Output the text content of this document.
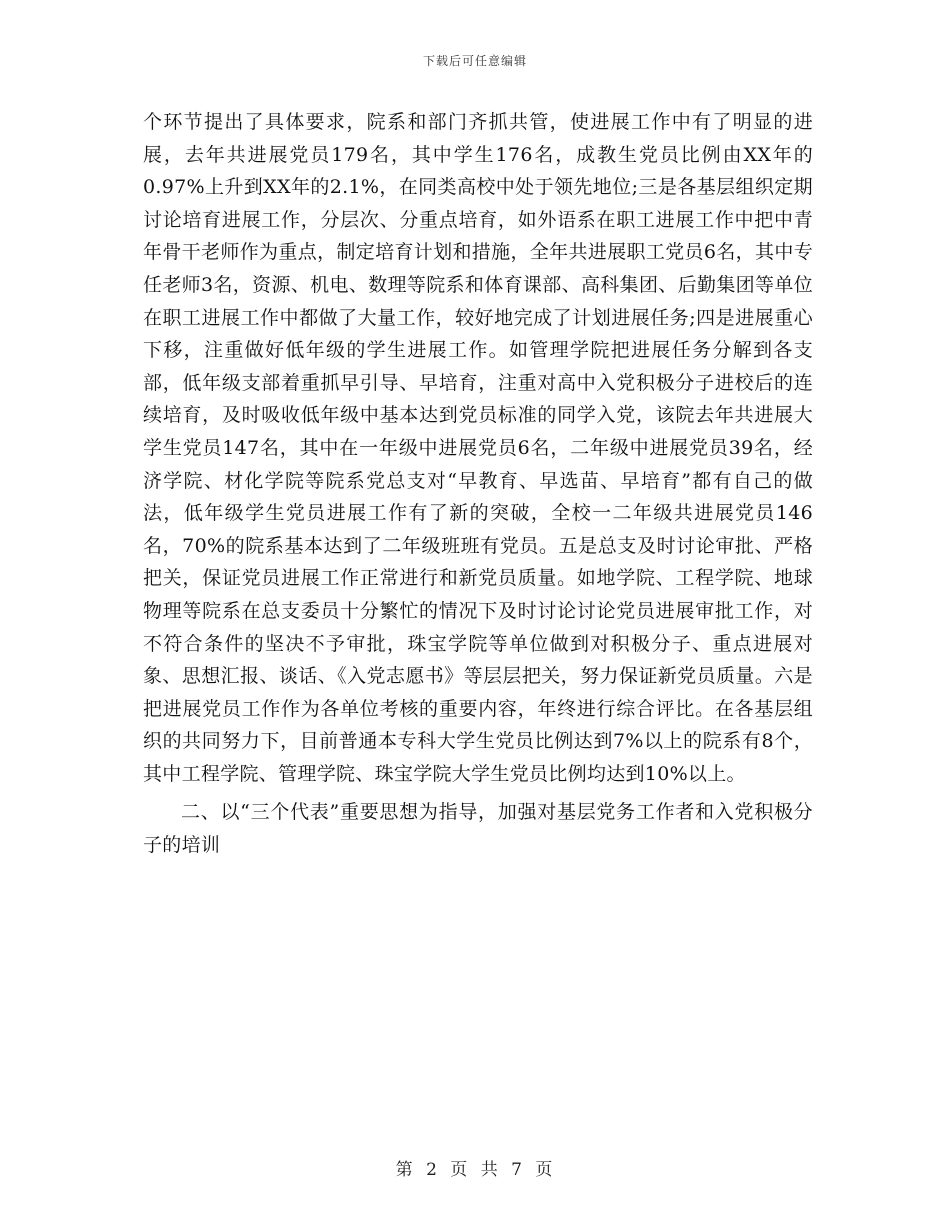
下载后可任意编辑

个环节提出了具体要求，院系和部门齐抓共管，使进展工作中有了明显的进展，去年共进展党员179名，其中学生176名，成教生党员比例由XX年的0.97%上升到XX年的2.1%，在同类高校中处于领先地位;三是各基层组织定期讨论培育进展工作，分层次、分重点培育，如外语系在职工进展工作中把中青年骨干老师作为重点，制定培育计划和措施，全年共进展职工党员6名，其中专任老师3名，资源、机电、数理等院系和体育课部、高科集团、后勤集团等单位在职工进展工作中都做了大量工作，较好地完成了计划进展任务;四是进展重心下移，注重做好低年级的学生进展工作。如管理学院把进展任务分解到各支部，低年级支部着重抓早引导、早培育，注重对高中入党积极分子进校后的连续培育，及时吸收低年级中基本达到党员标准的同学入党，该院去年共进展大学生党员147名，其中在一年级中进展党员6名，二年级中进展党员39名，经济学院、材化学院等院系党总支对“早教育、早选苗、早培育”都有自己的做法，低年级学生党员进展工作有了新的突破，全校一二年级共进展党员146名，70%的院系基本达到了二年级班班有党员。五是总支及时讨论审批、严格把关，保证党员进展工作正常进行和新党员质量。如地学院、工程学院、地球物理等院系在总支委员十分繁忙的情况下及时讨论讨论党员进展审批工作，对不符合条件的坚决不予审批，珠宝学院等单位做到对积极分子、重点进展对象、思想汇报、谈话、《入党志愿书》等层层把关，努力保证新党员质量。六是把进展党员工作作为各单位考核的重要内容，年终进行综合评比。在各基层组织的共同努力下，目前普通本专科大学生党员比例达到7%以上的院系有8个，其中工程学院、管理学院、珠宝学院大学生党员比例均达到10%以上。

二、以“三个代表”重要思想为指导，加强对基层党务工作者和入党积极分子的培训

第 2 页 共 7 页
